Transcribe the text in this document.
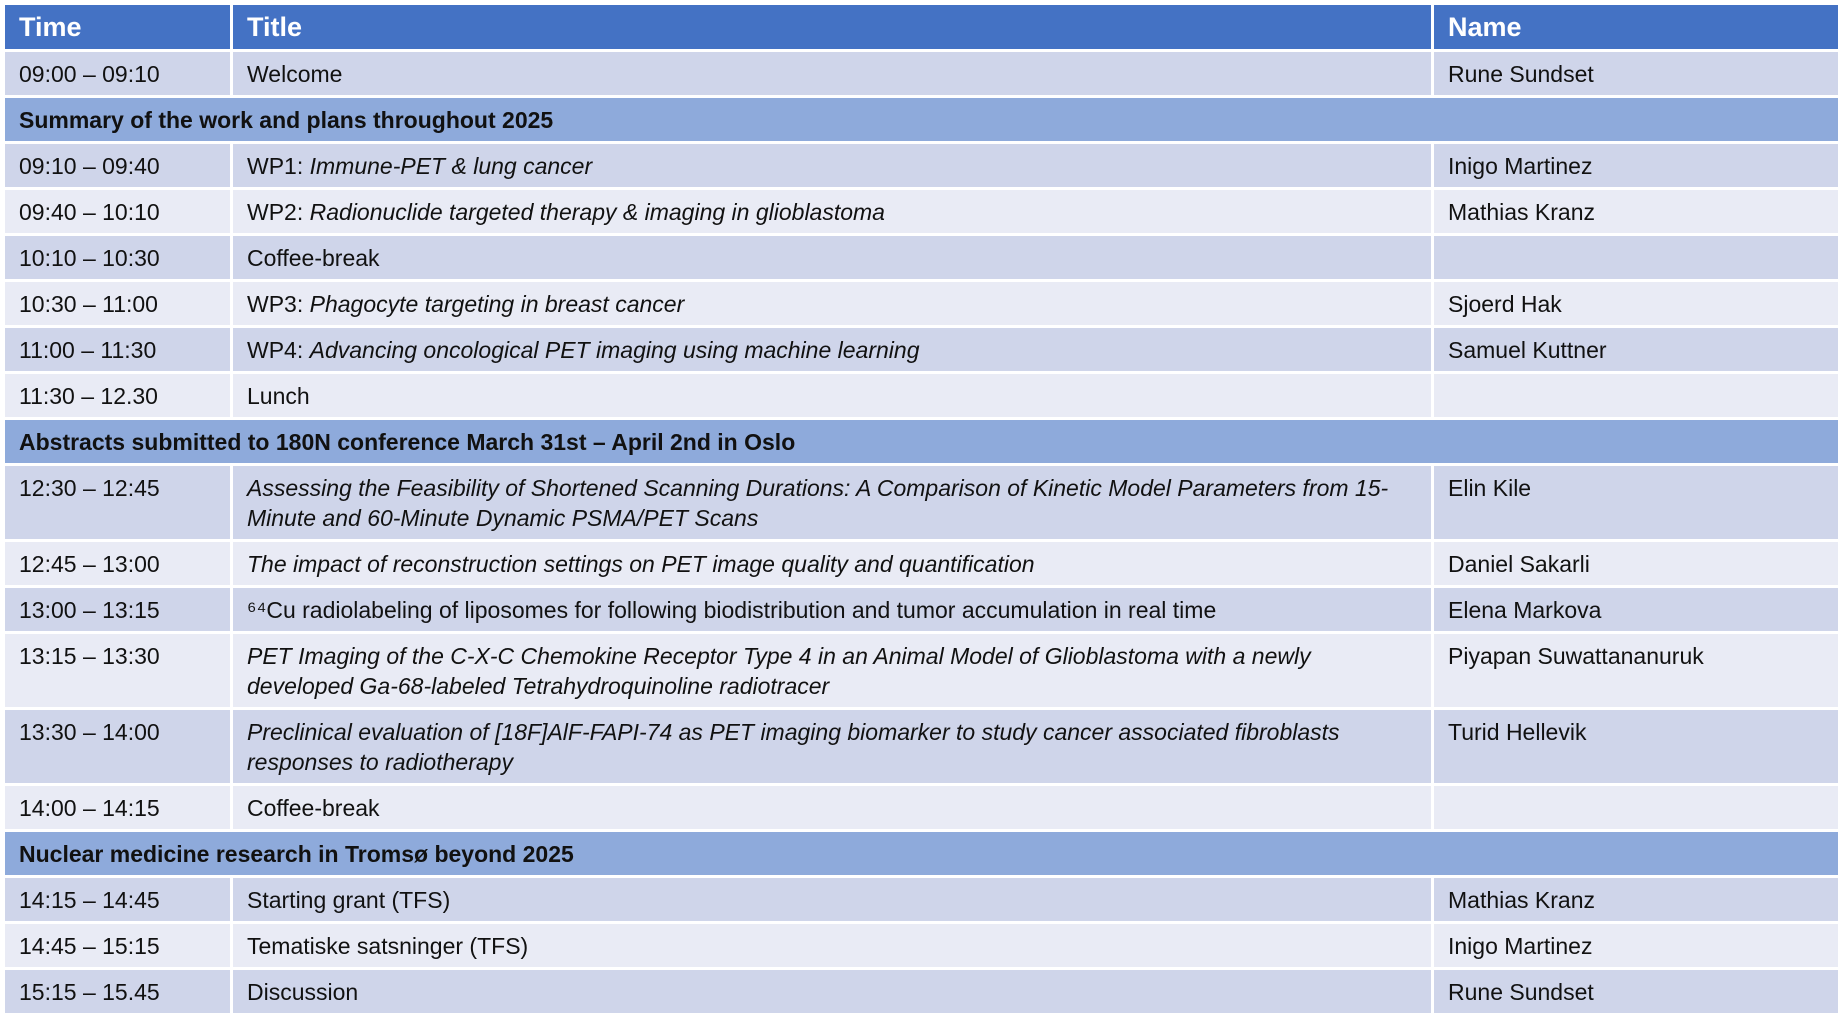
Time	Title	Name
09:00 – 09:10	Welcome	Rune Sundset
Summary of the work and plans throughout 2025		
09:10 – 09:40	WP1: Immune-PET & lung cancer	Inigo Martinez
09:40 – 10:10	WP2: Radionuclide targeted therapy & imaging in glioblastoma	Mathias Kranz
10:10 – 10:30	Coffee-break	
10:30 – 11:00	WP3: Phagocyte targeting in breast cancer	Sjoerd Hak
11:00 – 11:30	WP4: Advancing oncological PET imaging using machine learning	Samuel Kuttner
11:30 – 12.30	Lunch	
Abstracts submitted to 180N conference March 31st – April 2nd in Oslo		
12:30 – 12:45	Assessing the Feasibility of Shortened Scanning Durations: A Comparison of Kinetic Model Parameters from 15-Minute and 60-Minute Dynamic PSMA/PET Scans	Elin Kile
12:45 – 13:00	The impact of reconstruction settings on PET image quality and quantification	Daniel Sakarli
13:00 – 13:15	⁶⁴Cu radiolabeling of liposomes for following biodistribution and tumor accumulation in real time	Elena Markova
13:15 – 13:30	PET Imaging of the C-X-C Chemokine Receptor Type 4 in an Animal Model of Glioblastoma with a newly developed Ga-68-labeled Tetrahydroquinoline radiotracer	Piyapan Suwattananuruk
13:30 – 14:00	Preclinical evaluation of [18F]AlF-FAPI-74 as PET imaging biomarker to study cancer associated fibroblasts responses to radiotherapy	Turid Hellevik
14:00 – 14:15	Coffee-break	
Nuclear medicine research in Tromsø beyond 2025		
14:15 – 14:45	Starting grant (TFS)	Mathias Kranz
14:45 – 15:15	Tematiske satsninger (TFS)	Inigo Martinez
15:15 – 15.45	Discussion	Rune Sundset
